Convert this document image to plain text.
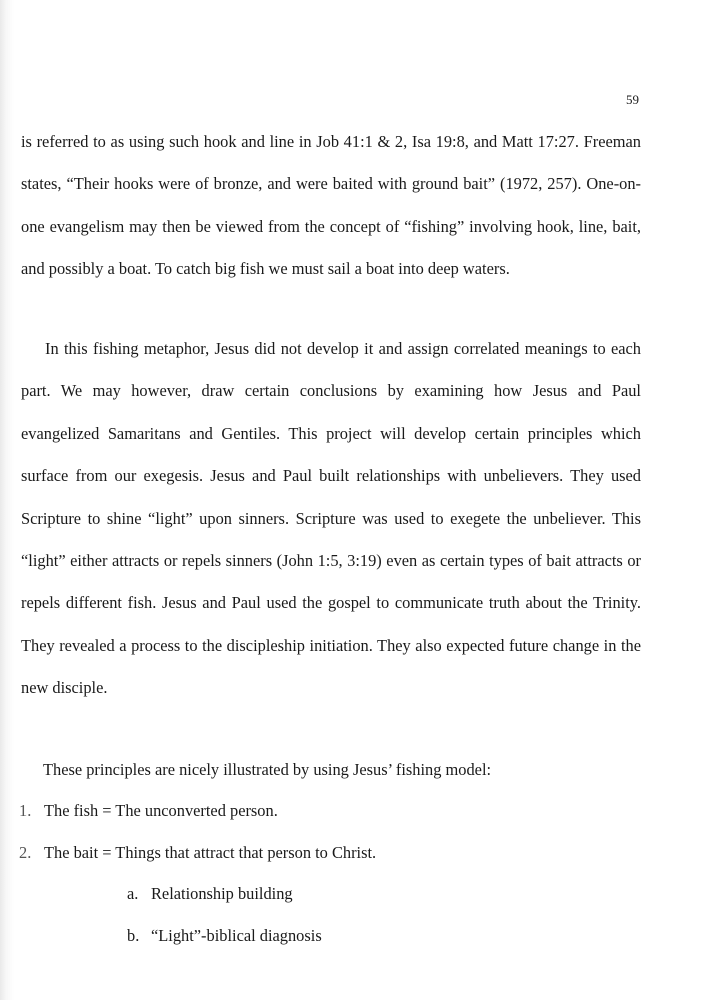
59

is referred to as using such hook and line in Job 41:1 & 2, Isa 19:8, and Matt 17:27. Freeman states, “Their hooks were of bronze, and were baited with ground bait” (1972, 257). One-on-one evangelism may then be viewed from the concept of “fishing” involving hook, line, bait, and possibly a boat. To catch big fish we must sail a boat into deep waters.

In this fishing metaphor, Jesus did not develop it and assign correlated meanings to each part. We may however, draw certain conclusions by examining how Jesus and Paul evangelized Samaritans and Gentiles. This project will develop certain principles which surface from our exegesis. Jesus and Paul built relationships with unbelievers. They used Scripture to shine “light” upon sinners. Scripture was used to exegete the unbeliever. This “light” either attracts or repels sinners (John 1:5, 3:19) even as certain types of bait attracts or repels different fish. Jesus and Paul used the gospel to communicate truth about the Trinity. They revealed a process to the discipleship initiation. They also expected future change in the new disciple.

These principles are nicely illustrated by using Jesus’ fishing model:
1. The fish = The unconverted person.
2. The bait = Things that attract that person to Christ.
a. Relationship building
b. “Light”-biblical diagnosis
